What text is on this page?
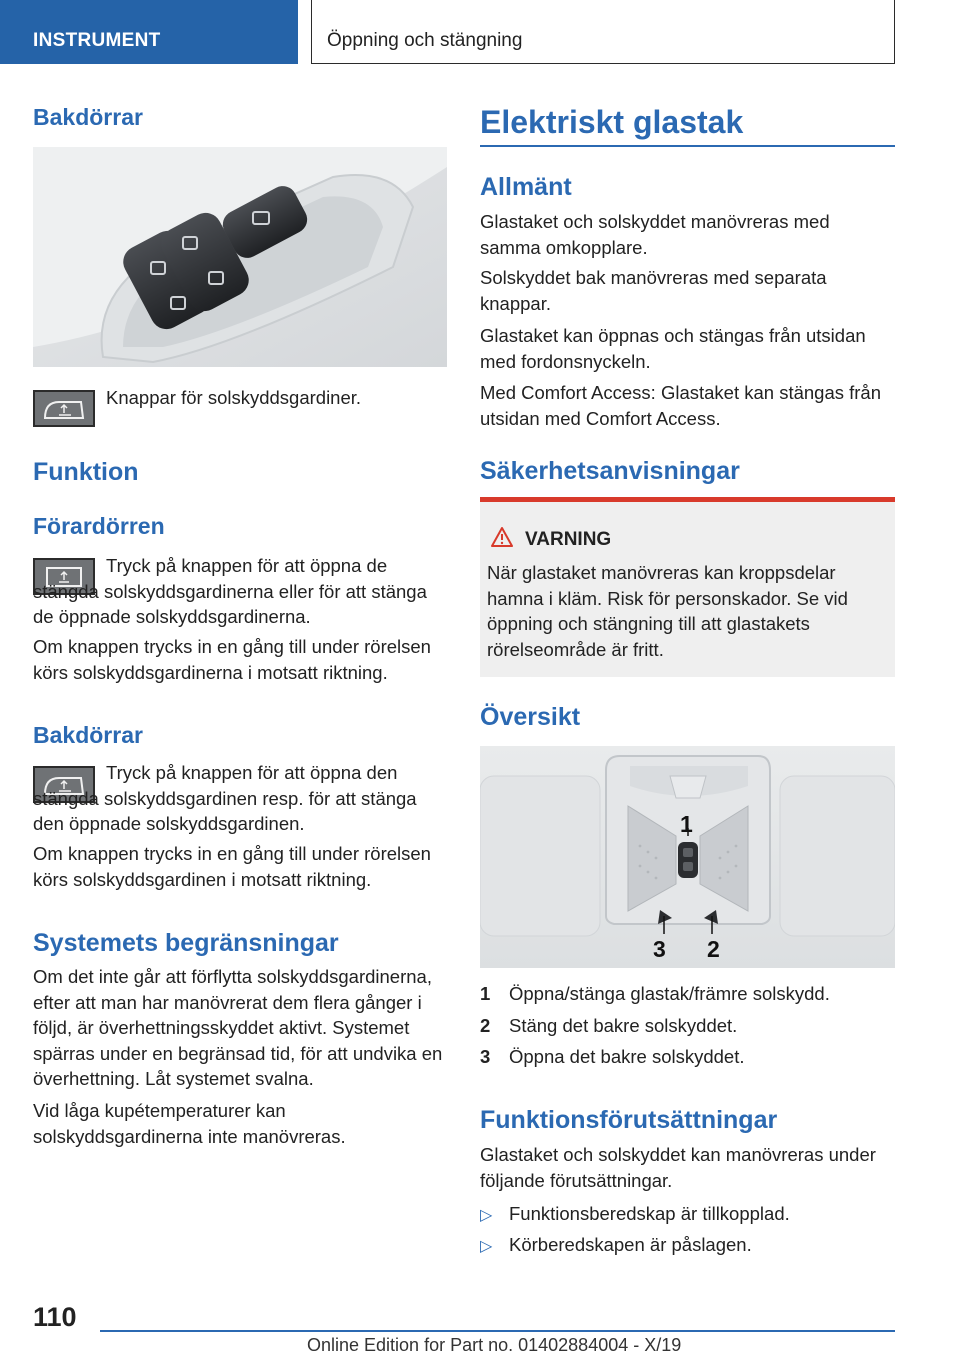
INSTRUMENT	Öppning och stängning
Bakdörrar
Knappar för solskyddsgardiner.
Funktion
Förardörren
Tryck på knappen för att öppna de stängda solskyddsgardinerna eller för att stänga de öppnade solskyddsgardinerna.
Om knappen trycks in en gång till under rörelsen körs solskyddsgardinerna i motsatt riktning.
Bakdörrar
Tryck på knappen för att öppna den stängda solskyddsgardinen resp. för att stänga den öppnade solskyddsgardinen.
Om knappen trycks in en gång till under rörelsen körs solskyddsgardinen i motsatt riktning.
Systemets begränsningar
Om det inte går att förflytta solskyddsgardinerna, efter att man har manövrerat dem flera gånger i följd, är överhettningsskyddet aktivt. Systemet spärras under en begränsad tid, för att undvika en överhettning. Låt systemet svalna.
Vid låga kupétemperaturer kan solskyddsgardinerna inte manövreras.
Elektriskt glastak
Allmänt
Glastaket och solskyddet manövreras med samma omkopplare.
Solskyddet bak manövreras med separata knappar.
Glastaket kan öppnas och stängas från utsidan med fordonsnyckeln.
Med Comfort Access: Glastaket kan stängas från utsidan med Comfort Access.
Säkerhetsanvisningar
VARNING
När glastaket manövreras kan kroppsdelar hamna i kläm. Risk för personskador. Se vid öppning och stängning till att glastakets rörelseområde är fritt.
Översikt
1
2
3
1 Öppna/stänga glastak/främre solskydd.
2 Stäng det bakre solskyddet.
3 Öppna det bakre solskyddet.
Funktionsförutsättningar
Glastaket och solskyddet kan manövreras under följande förutsättningar.
▷ Funktionsberedskap är tillkopplad.
▷ Körberedskapen är påslagen.
110
Online Edition for Part no. 01402884004 - X/19
